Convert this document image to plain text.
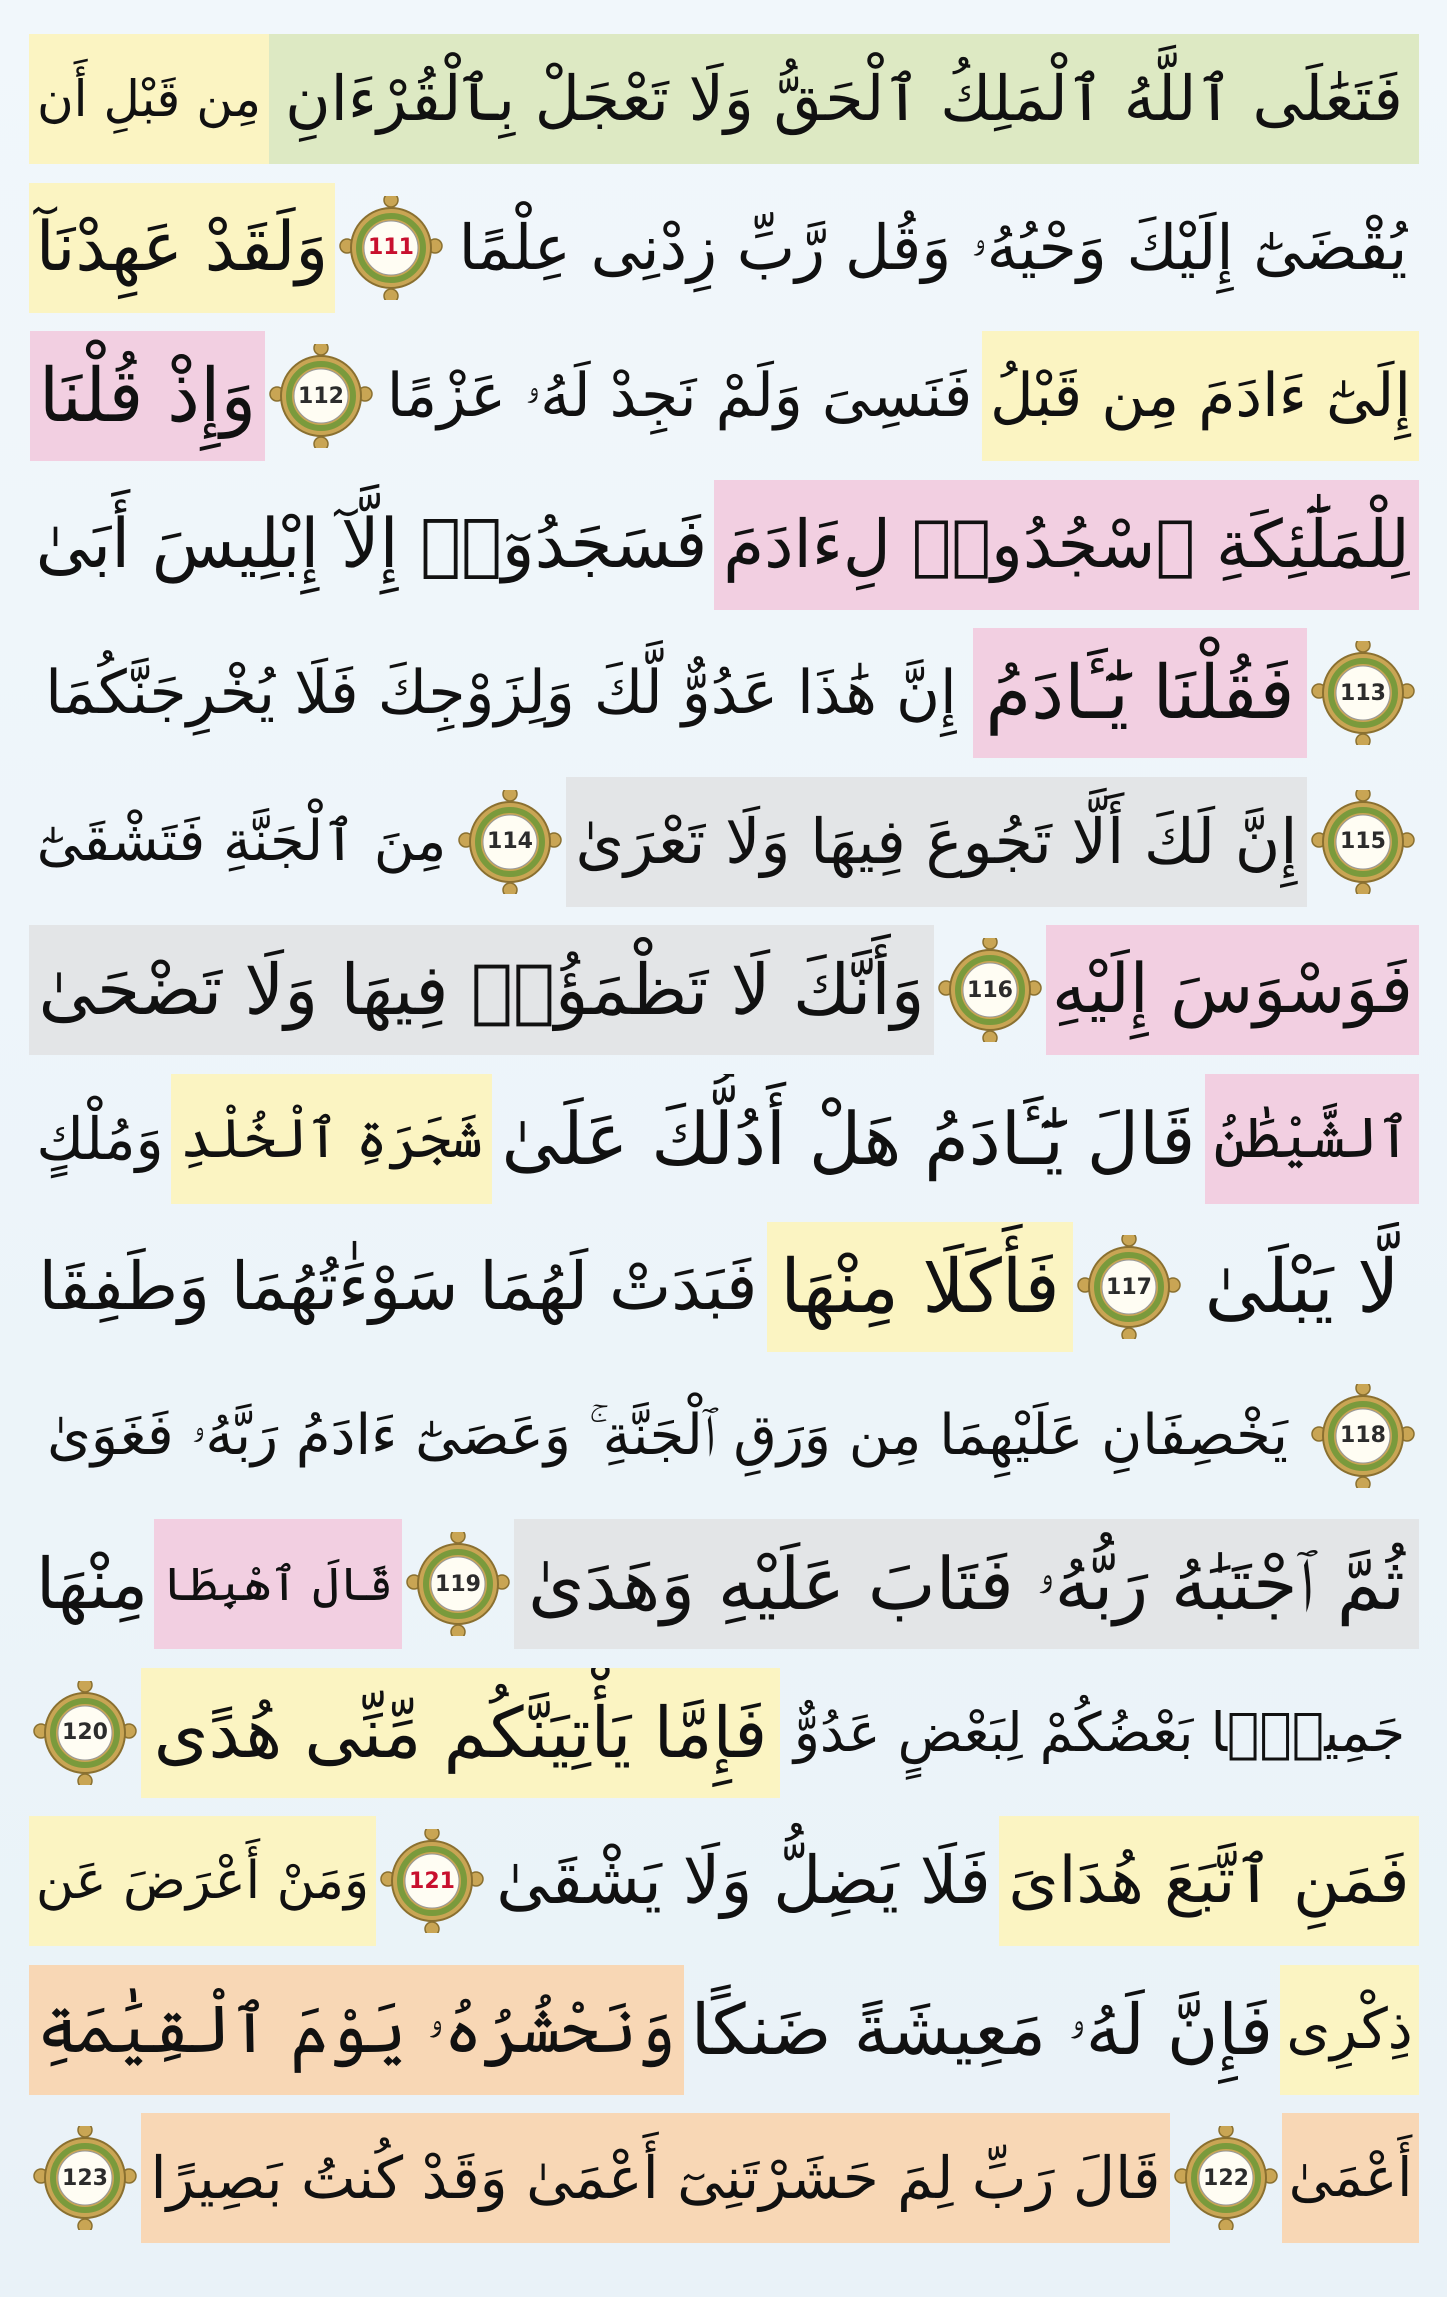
فَتَعَٰلَى ٱللَّهُ ٱلْمَلِكُ ٱلْحَقُّ وَلَا تَعْجَلْ بِٱلْقُرْءَانِ
مِن قَبْلِ أَن
يُقْضَىٰٓ إِلَيْكَ وَحْيُهُۥ وَقُل رَّبِّ زِدْنِى عِلْمًا
111
وَلَقَدْ عَهِدْنَآ
إِلَىٰٓ ءَادَمَ مِن قَبْلُ
فَنَسِىَ وَلَمْ نَجِدْ لَهُۥ عَزْمًا
112
وَإِذْ قُلْنَا
لِلْمَلَٰٓئِكَةِ ٱسْجُدُوا۟ لِءَادَمَ
فَسَجَدُوٓا۟ إِلَّآ إِبْلِيسَ أَبَىٰ
113
فَقُلْنَا يَٰٓـَٔادَمُ
إِنَّ هَٰذَا عَدُوٌّ لَّكَ وَلِزَوْجِكَ فَلَا يُخْرِجَنَّكُمَا
115
إِنَّ لَكَ أَلَّا تَجُوعَ فِيهَا وَلَا تَعْرَىٰ
114
مِنَ ٱلْجَنَّةِ فَتَشْقَىٰٓ
فَوَسْوَسَ إِلَيْهِ
116
وَأَنَّكَ لَا تَظْمَؤُا۟ فِيهَا وَلَا تَضْحَىٰ
ٱلشَّيْطَٰنُ
قَالَ يَٰٓـَٔادَمُ هَلْ أَدُلُّكَ عَلَىٰ
شَجَرَةِ ٱلْخُلْدِ
وَمُلْكٍ
لَّا يَبْلَىٰ
117
فَأَكَلَا مِنْهَا
فَبَدَتْ لَهُمَا سَوْءَٰتُهُمَا وَطَفِقَا
118
يَخْصِفَانِ عَلَيْهِمَا مِن وَرَقِ ٱلْجَنَّةِ ۚ وَعَصَىٰٓ ءَادَمُ رَبَّهُۥ فَغَوَىٰ
ثُمَّ ٱجْتَبَٰهُ رَبُّهُۥ فَتَابَ عَلَيْهِ وَهَدَىٰ
119
قَالَ ٱهْبِطَا
مِنْهَا
جَمِيعًۢا بَعْضُكُمْ لِبَعْضٍ عَدُوٌّ
فَإِمَّا يَأْتِيَنَّكُم مِّنِّى هُدًى
120
فَمَنِ ٱتَّبَعَ هُدَاىَ
فَلَا يَضِلُّ وَلَا يَشْقَىٰ
121
وَمَنْ أَعْرَضَ عَن
ذِكْرِى
فَإِنَّ لَهُۥ مَعِيشَةً ضَنكًا
وَنَحْشُرُهُۥ يَوْمَ ٱلْقِيَٰمَةِ
أَعْمَىٰ
122
قَالَ رَبِّ لِمَ حَشَرْتَنِىٓ أَعْمَىٰ وَقَدْ كُنتُ بَصِيرًا
123
